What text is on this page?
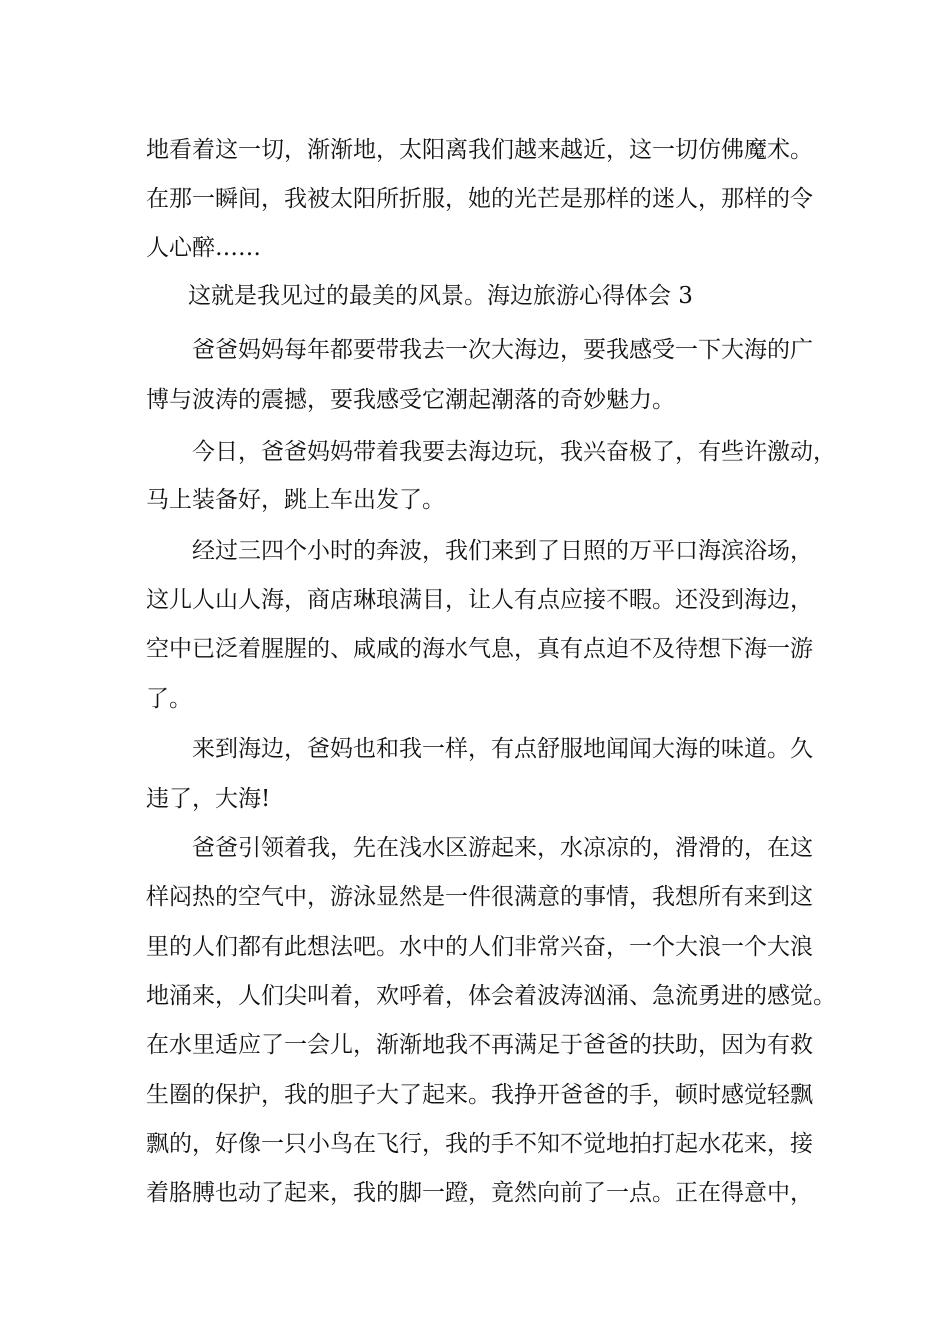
地看着这一切，渐渐地，太阳离我们越来越近，这一切仿佛魔术。
在那一瞬间，我被太阳所折服，她的光芒是那样的迷人，那样的令
人心醉……
这就是我见过的最美的风景。海边旅游心得体会 3
爸爸妈妈每年都要带我去一次大海边，要我感受一下大海的广
博与波涛的震撼，要我感受它潮起潮落的奇妙魅力。
今日，爸爸妈妈带着我要去海边玩，我兴奋极了，有些许激动，
马上装备好，跳上车出发了。
经过三四个小时的奔波，我们来到了日照的万平口海滨浴场，
这儿人山人海，商店琳琅满目，让人有点应接不暇。还没到海边，
空中已泛着腥腥的、咸咸的海水气息，真有点迫不及待想下海一游
了。
来到海边，爸妈也和我一样，有点舒服地闻闻大海的味道。久
违了，大海!
爸爸引领着我，先在浅水区游起来，水凉凉的，滑滑的，在这
样闷热的空气中，游泳显然是一件很满意的事情，我想所有来到这
里的人们都有此想法吧。水中的人们非常兴奋，一个大浪一个大浪
地涌来，人们尖叫着，欢呼着，体会着波涛汹涌、急流勇进的感觉。
在水里适应了一会儿，渐渐地我不再满足于爸爸的扶助，因为有救
生圈的保护，我的胆子大了起来。我挣开爸爸的手，顿时感觉轻飘
飘的，好像一只小鸟在飞行，我的手不知不觉地拍打起水花来，接
着胳膊也动了起来，我的脚一蹬，竟然向前了一点。正在得意中，
